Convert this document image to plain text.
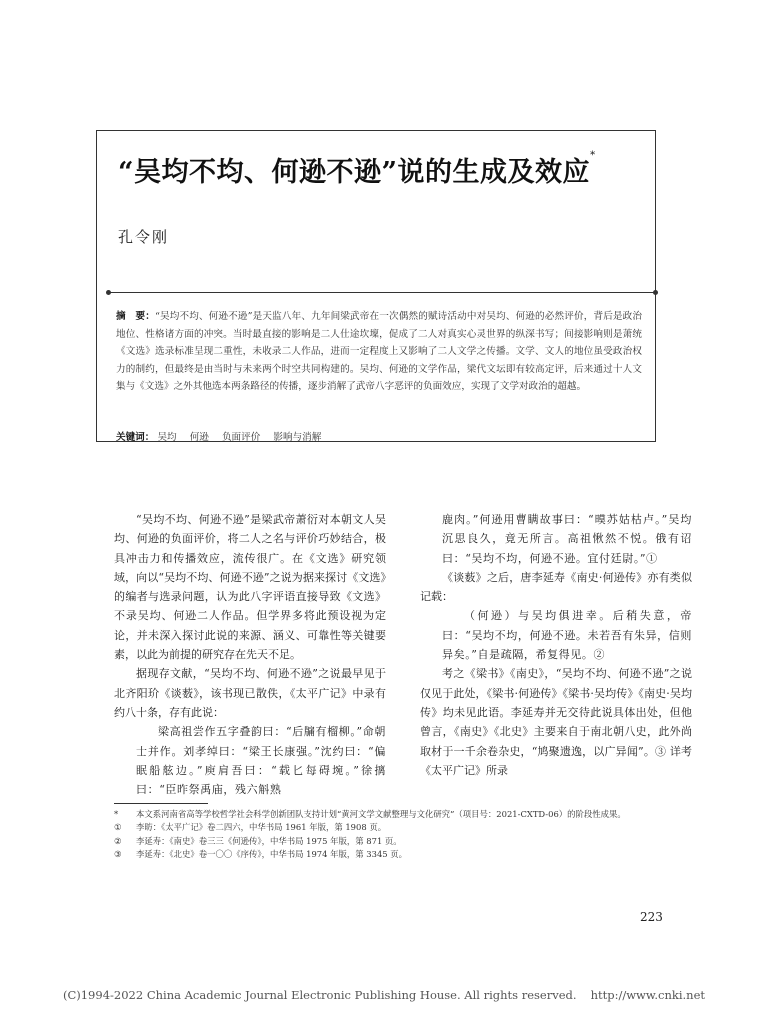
“吴均不均、何逊不逊”说的生成及效应*
孔令刚
摘　要：“吴均不均、何逊不逊”是天监八年、九年间梁武帝在一次偶然的赋诗活动中对吴均、何逊的必然评价，背后是政治地位、性格诸方面的冲突。当时最直接的影响是二人仕途坎壈，促成了二人对真实心灵世界的纵深书写；间接影响则是萧统《文选》选录标准呈现二重性，未收录二人作品，进而一定程度上又影响了二人文学之传播。文学、文人的地位虽受政治权力的制约，但最终是由当时与未来两个时空共同构建的。吴均、何逊的文学作品，梁代文坛即有较高定评，后来通过十人文集与《文选》之外其他选本两条路径的传播，逐步消解了武帝八字恶评的负面效应，实现了文学对政治的超越。
关键词： 吴均 何逊 负面评价 影响与消解

“吴均不均、何逊不逊”是梁武帝萧衍对本朝文人吴均、何逊的负面评价，将二人之名与评价巧妙结合，极具冲击力和传播效应，流传很广。在《文选》研究领域，向以“吴均不均、何逊不逊”之说为据来探讨《文选》的编者与选录问题，认为此八字评语直接导致《文选》不录吴均、何逊二人作品。但学界多将此预设视为定论，并未深入探讨此说的来源、涵义、可靠性等关键要素，以此为前提的研究存在先天不足。

据现存文献，“吴均不均、何逊不逊”之说最早见于北齐阳玠《谈薮》，该书现已散佚，《太平广记》中录有约八十条，存有此说：

梁高祖尝作五字叠韵曰：“后牖有榴柳。”命朝士并作。刘孝绰曰：“梁王长康强。”沈约曰：“偏眠船舷边。”庾肩吾曰：“载匕每碍埦。”徐摛曰：“臣昨祭禹庙，残六斛熟

鹿肉。”何逊用曹瞒故事曰：“暯苏姑枯卢。”吴均沉思良久，竟无所言。高祖愀然不悦。俄有诏曰：“吴均不均，何逊不逊。宜付廷尉。”①

《谈薮》之后，唐李延寿《南史·何逊传》亦有类似记载：

（何逊）与吴均俱进幸。后稍失意，帝曰：“吴均不均，何逊不逊。未若吾有朱异，信则异矣。”自是疏隔，希复得见。②

考之《梁书》《南史》，“吴均不均、何逊不逊”之说仅见于此处，《梁书·何逊传》《梁书·吴均传》《南史·吴均传》均未见此语。李延寿并无交待此说具体出处，但他曾言，《南史》《北史》主要来自于南北朝八史，此外尚取材于一千余卷杂史，“鸠聚遗逸，以广异闻”。③ 详考《太平广记》所录

* 本文系河南省高等学校哲学社会科学创新团队支持计划“黄河文学文献整理与文化研究”（项目号：2021-CXTD-06）的阶段性成果。
① 李昉：《太平广记》卷二四六，中华书局 1961 年版，第 1908 页。
② 李延寿：《南史》卷三三《何逊传》，中华书局 1975 年版，第 871 页。
③ 李延寿：《北史》卷一〇〇《序传》，中华书局 1974 年版，第 3345 页。
223
(C)1994-2022 China Academic Journal Electronic Publishing House. All rights reserved. http://www.cnki.net
